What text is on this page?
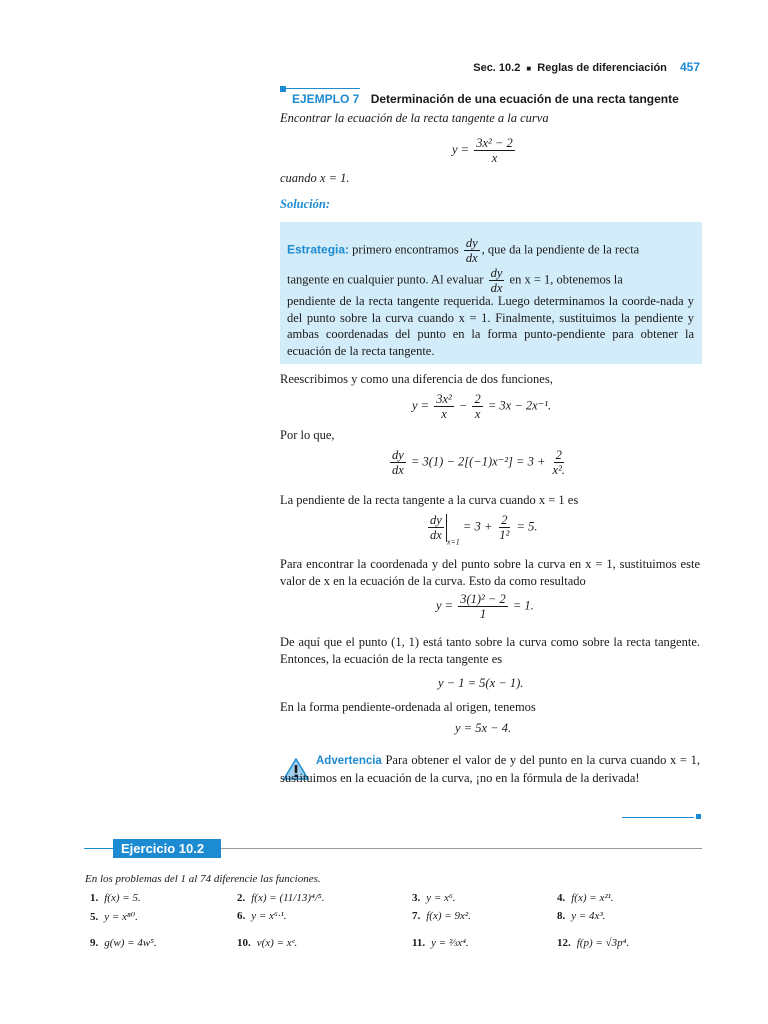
Sec. 10.2 ■ Reglas de diferenciación 457
EJEMPLO 7 Determinación de una ecuación de una recta tangente
Encontrar la ecuación de la recta tangente a la curva
$y = \frac{\text{3x² − 2}}{x}$
cuando x = 1.
Solución:
Estrategia: primero encontramos $\frac{dy}{dx}$ , que da la pendiente de la recta
tangente en cualquier punto. Al evaluar $\frac{dy}{dx}$ en x = 1, obtenemos la
pendiente de la recta tangente requerida. Luego determinamos la coorde-nada y del punto sobre la curva cuando x = 1. Finalmente, sustituimos la pendiente y ambas coordenadas del punto en la forma punto-pendiente para obtener la ecuación de la recta tangente.
Reescribimos y como una diferencia de dos funciones,
$y = \frac{\text{3x²}}{x} - \frac{2}{x} = 3x - 2x^{-1}$.
Por lo que,
$\frac{dy}{dx} = 3(1) - 2[(-1)x^{-2}] = 3 + \frac{2}{\text{x².}}$
La pendiente de la recta tangente a la curva cuando x = 1 es
$\frac{dy}{dx} _{x=1} = 3 + \frac{2}{\text{1²}} = 5$.
Para encontrar la coordenada y del punto sobre la curva en x = 1, sustituimos este valor de x en la ecuación de la curva. Esto da como resultado
$y = \frac{\text{3(1)² − 2}}{1} = 1$.
De aquí que el punto (1, 1) está tanto sobre la curva como sobre la recta tangente. Entonces, la ecuación de la recta tangente es
y − 1 = 5(x − 1).
En la forma pendiente-ordenada al origen, tenemos
y = 5x − 4.
Advertencia Para obtener el valor de y del punto en la curva cuando x = 1, sustituimos en la ecuación de la curva, ¡no en la fórmula de la derivada!
Ejercicio 10.2
En los problemas del 1 al 74 diferencie las funciones.
1. f(x) = 5.	2. f(x) = (11/13)⁴/⁵.	3. y = x⁶.	4. f(x) = x²¹.
5. y = x⁸⁰.	6. y = x⁶·¹.	7. f(x) = 9x².	8. y = 4x³.
9. g(w) = 4w⁵.	10. v(x) = xᵉ.	11. y = ⅔x⁴.	12. f(p) = √3p⁴.
